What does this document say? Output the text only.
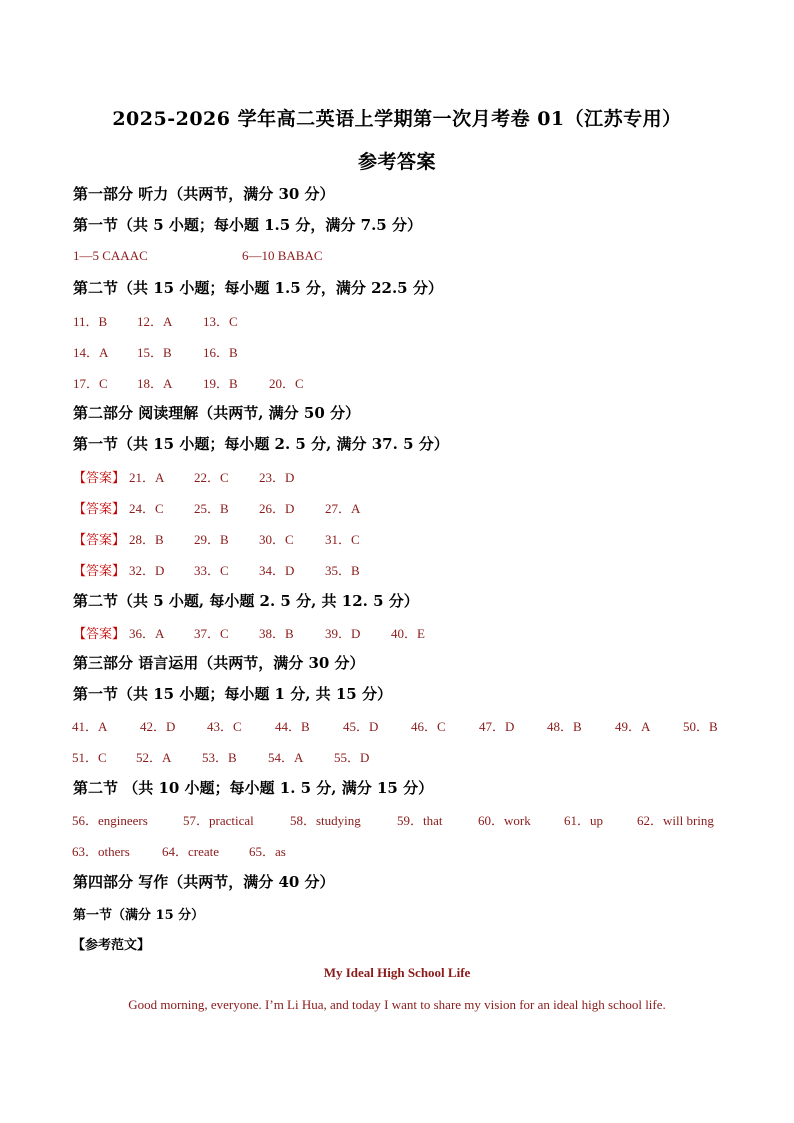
2025-2026 学年高二英语上学期第一次月考卷 01（江苏专用）
参考答案
第一部分 听力（共两节，满分 30 分）
第一节（共 5 小题；每小题 1.5 分，满分 7.5 分）
1—5 CAAAC	6—10 BABAC
第二节（共 15 小题；每小题 1.5 分，满分 22.5 分）
11．B 12．A 13．C
14．A 15．B 16．B
17．C 18．A 19．B 20．C
第二部分 阅读理解（共两节, 满分 50 分）
第一节（共 15 小题；每小题 2. 5 分, 满分 37. 5 分）
【答案】 21．A 22．C 23．D
【答案】 24．C 25．B 26．D 27．A
【答案】 28．B 29．B 30．C 31．C
【答案】 32．D 33．C 34．D 35．B
第二节（共 5 小题, 每小题 2. 5 分, 共 12. 5 分）
【答案】 36．A 37．C 38．B 39．D 40．E
第三部分 语言运用（共两节，满分 30 分）
第一节（共 15 小题；每小题 1 分, 共 15 分）
41．A	42．D 43．C	44．B	45．D	46．C	47．D	48．B	49．A	50．B
51．C 52．A 53．B 54．A 55．D
第二节 （共 10 小题；每小题 1. 5 分, 满分 15 分）
56．engineers	57．practical	58．studying	59．that	60．work	61．up	62．will bring
63．others 64．create 65．as
第四部分 写作（共两节，满分 40 分）
第一节（满分 15 分）
【参考范文】
My Ideal High School Life
Good morning, everyone. I’m Li Hua, and today I want to share my vision for an ideal high school life.
